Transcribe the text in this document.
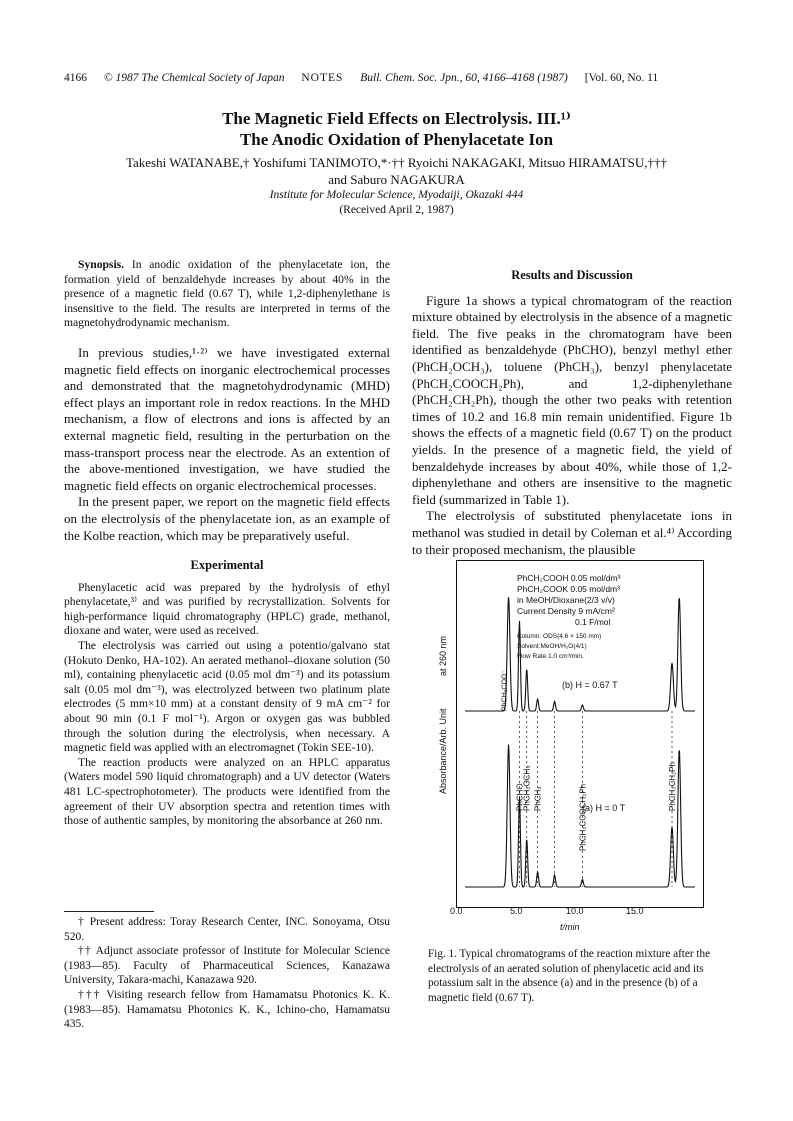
4166 © 1987 The Chemical Society of Japan NOTES Bull. Chem. Soc. Jpn., 60, 4166–4168 (1987) [Vol. 60, No. 11
The Magnetic Field Effects on Electrolysis. III.¹⁾
The Anodic Oxidation of Phenylacetate Ion
Takeshi WATANABE,† Yoshifumi TANIMOTO,*·†† Ryoichi NAKAGAKI, Mitsuo HIRAMATSU,†††
and Saburo NAGAKURA
Institute for Molecular Science, Myodaiji, Okazaki 444
(Received April 2, 1987)

Synopsis. In anodic oxidation of the phenylacetate ion, the formation yield of benzaldehyde increases by about 40% in the presence of a magnetic field (0.67 T), while 1,2-diphenylethane is insensitive to the field. The results are interpreted in terms of the magnetohydrodynamic mechanism.

In previous studies,¹·²⁾ we have investigated external magnetic field effects on inorganic electrochemical processes and demonstrated that the magnetohydrodynamic (MHD) effect plays an important role in redox reactions. In the MHD mechanism, a flow of electrons and ions is affected by an external magnetic field, resulting in the perturbation on the mass-transport process near the electrode. As an extention of the above-mentioned investigation, we have studied the magnetic field effects on organic electrochemical processes.

In the present paper, we report on the magnetic field effects on the electrolysis of the phenylacetate ion, as an example of the Kolbe reaction, which may be preparatively useful.

Experimental

Phenylacetic acid was prepared by the hydrolysis of ethyl phenylacetate,³⁾ and was purified by recrystallization. Solvents for high-performance liquid chromatography (HPLC) grade, methanol, dioxane and water, were used as received.

The electrolysis was carried out using a potentio/galvano stat (Hokuto Denko, HA-102). An aerated methanol–dioxane solution (50 ml), containing phenylacetic acid (0.05 mol dm⁻³) and its potassium salt (0.05 mol dm⁻³), was electrolyzed between two platinum plate electrodes (5 mm×10 mm) at a constant density of 9 mA cm⁻² for about 90 min (0.1 F mol⁻¹). Argon or oxygen gas was bubbled through the solution during the electrolysis, when necessary. A magnetic field was applied with an electromagnet (Tokin SEE-10).

The reaction products were analyzed on an HPLC apparatus (Waters model 590 liquid chromatograph) and a UV detector (Waters 481 LC-spectrophotometer). The products were identified from the agreement of their UV absorption spectra and retention times with those of authentic samples, by monitoring the absorbance at 260 nm.

† Present address: Toray Research Center, INC. Sonoyama, Otsu 520.

†† Adjunct associate professor of Institute for Molecular Science (1983—85). Faculty of Pharmaceutical Sciences, Kanazawa University, Takara-machi, Kanazawa 920.

††† Visiting research fellow from Hamamatsu Photonics K. K. (1983—85). Hamamatsu Photonics K. K., Ichino-cho, Hamamatsu 435.

Results and Discussion

Figure 1a shows a typical chromatogram of the reaction mixture obtained by electrolysis in the absence of a magnetic field. The five peaks in the chromatogram have been identified as benzaldehyde (PhCHO), benzyl methyl ether (PhCH₂OCH₃), toluene (PhCH₃), benzyl phenylacetate (PhCH₂COOCH₂Ph), and 1,2-diphenylethane (PhCH₂CH₂Ph), though the other two peaks with retention times of 10.2 and 16.8 min remain unidentified. Figure 1b shows the effects of a magnetic field (0.67 T) on the product yields. In the presence of a magnetic field, the yield of benzaldehyde increases by about 40%, while those of 1,2-diphenylethane and others are insensitive to the magnetic field (summarized in Table 1).

The electrolysis of substituted phenylacetate ions in methanol was studied in detail by Coleman et al.⁴⁾ According to their proposed mechanism, the plausible

PhCH₂COOH 0.05 mol/dm³
PhCH₂COOK 0.05 mol/dm³
in MeOH/Dioxane(2/3 v/v)
Current Density 9 mA/cm²
0.1 F/mol
Column: ODS(4.6 × 150 mm)
Solvent:MeOH/H₂O(4/1)
Flow Rate 1.0 cm³/min.
(b) H = 0.67 T
(a) H = 0 T
PhCH₂COO⁻
PhCHO
PhCH₂OCH₃ PhCH₃	PhCH₂COOCH₂Ph	PhCH₂CH₂Ph
Absorbance/Arb. Unit at 260 nm
0.0	5.0	10.0	15.0
t/min
Fig. 1. Typical chromatograms of the reaction mixture after the electrolysis of an aerated solution of phenylacetic acid and its potassium salt in the absence (a) and in the presence (b) of a magnetic field (0.67 T).
